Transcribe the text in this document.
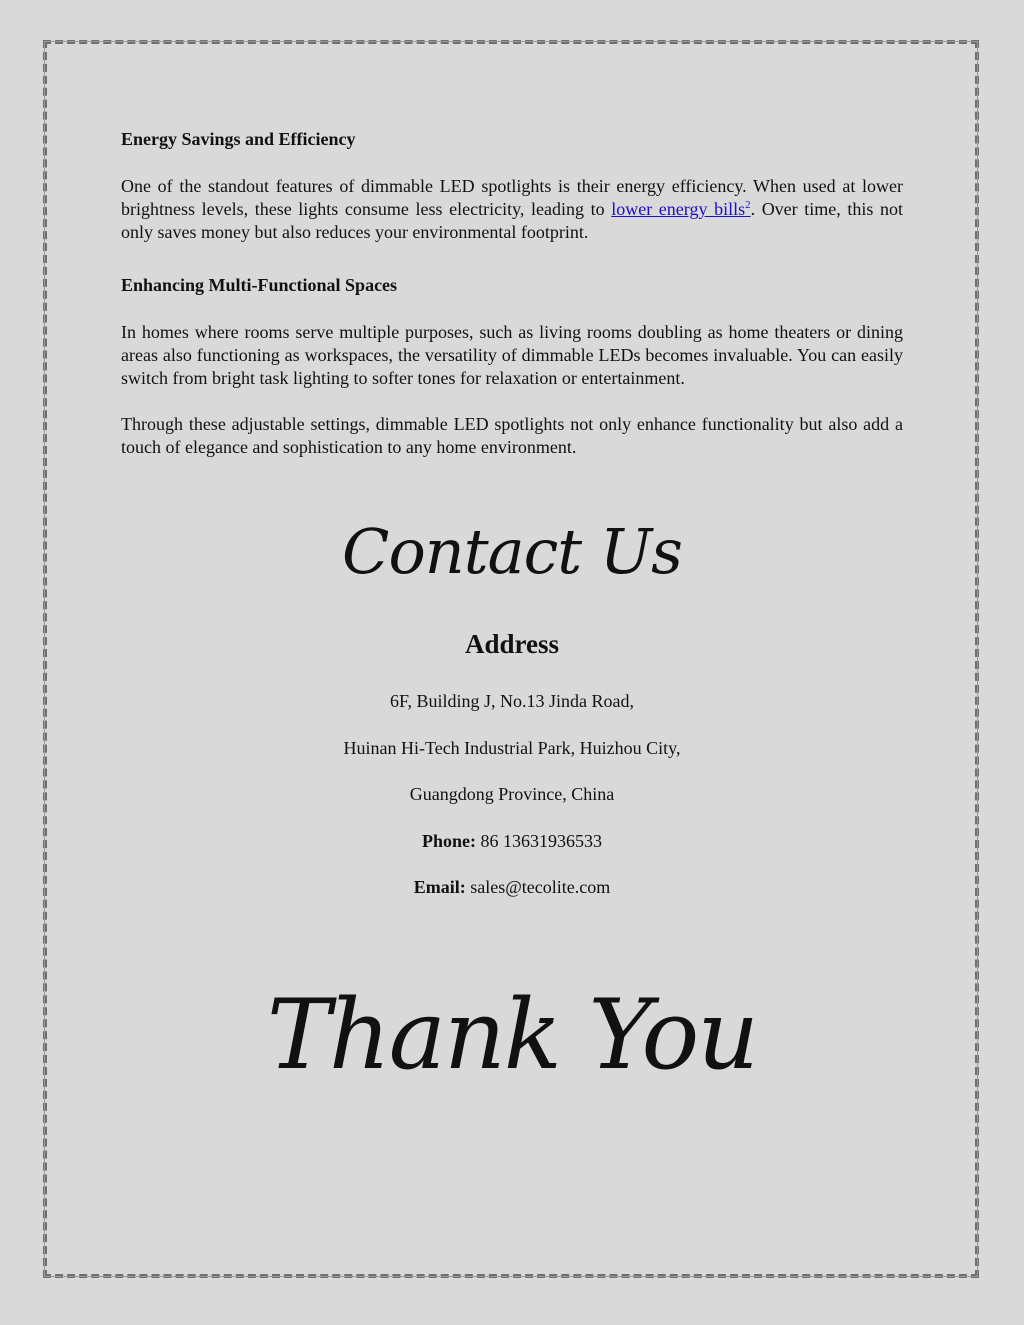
Energy Savings and Efficiency

One of the standout features of dimmable LED spotlights is their energy efficiency. When used at lower brightness levels, these lights consume less electricity, leading to lower energy bills$^2$. Over time, this not only saves money but also reduces your environmental footprint.

Enhancing Multi-Functional Spaces

In homes where rooms serve multiple purposes, such as living rooms doubling as home theaters or dining areas also functioning as workspaces, the versatility of dimmable LEDs becomes invaluable. You can easily switch from bright task lighting to softer tones for relaxation or entertainment.

Through these adjustable settings, dimmable LED spotlights not only enhance functionality but also add a touch of elegance and sophistication to any home environment.

Contact Us
Address
6F, Building J, No.13 Jinda Road,
Huinan Hi-Tech Industrial Park, Huizhou City,
Guangdong Province, China
Phone: 86 13631936533
Email: sales@tecolite.com
Thank You
